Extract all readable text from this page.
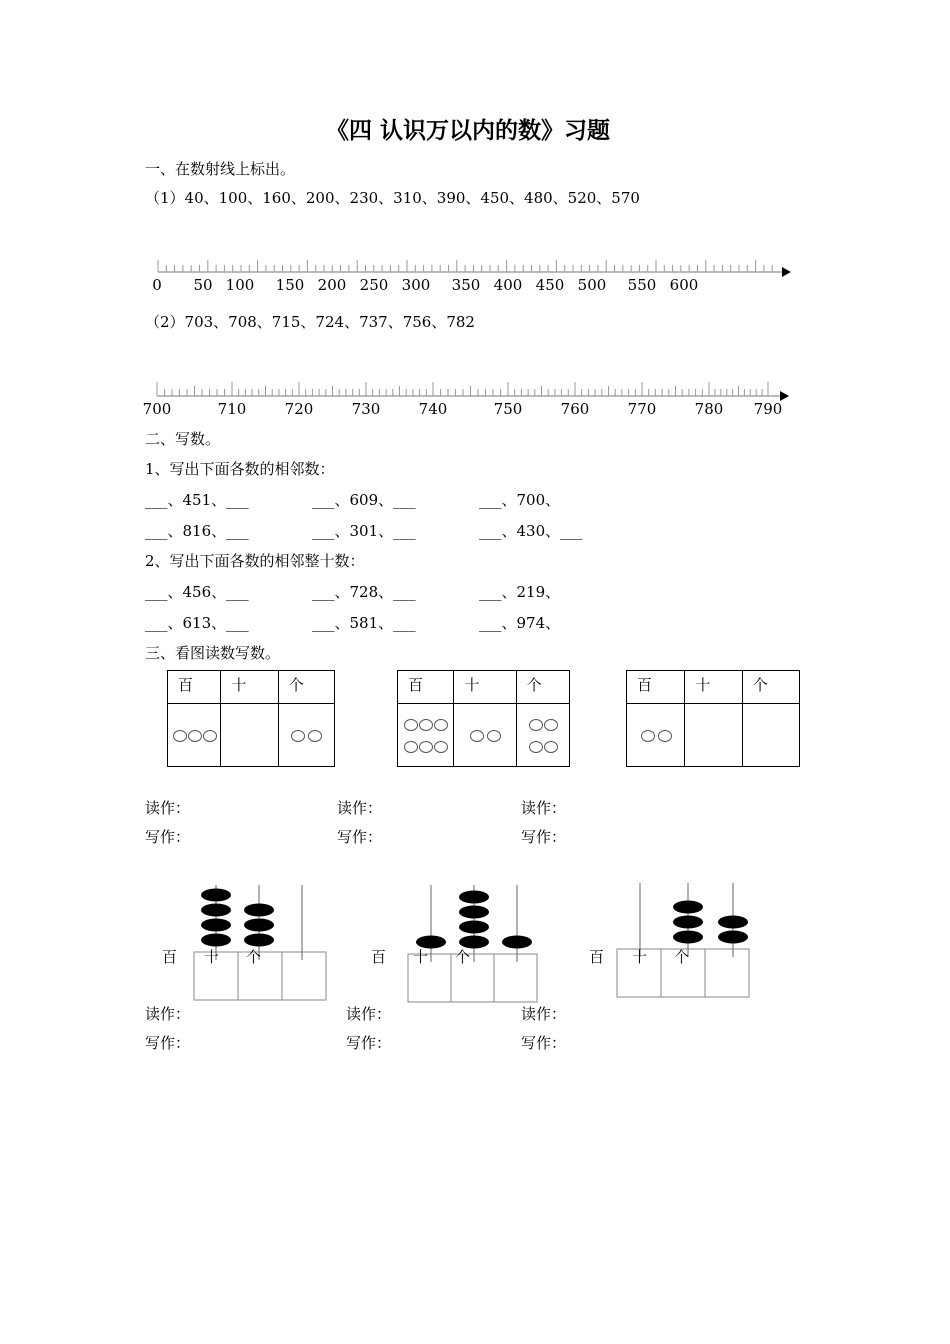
《四 认识万以内的数》习题
一、在数射线上标出。
（1）40、100、160、200、230、310、390、450、480、520、570
（2）703、708、715、724、737、756、782
0 50 100 150 200 250 300 350 400 450 500 550 600
700	710	720	730	740	750	760	770	780 790
二、写数。
1、写出下面各数的相邻数：
___、451、___	___、609、___	___、700、
___、816、___	___、301、___	___、430、___
2、写出下面各数的相邻整十数：
___、456、___	___、728、___	___、219、
___、613、___	___、581、___	___、974、
三、看图读数写数。
百	十	个

			百	十	个

		百	十	个

读作：	读作：	读作：
写作：	写作：	写作：
百 十 个	百 十 个	百 十 个
读作：	读作：	读作：
写作：	写作：	写作：
